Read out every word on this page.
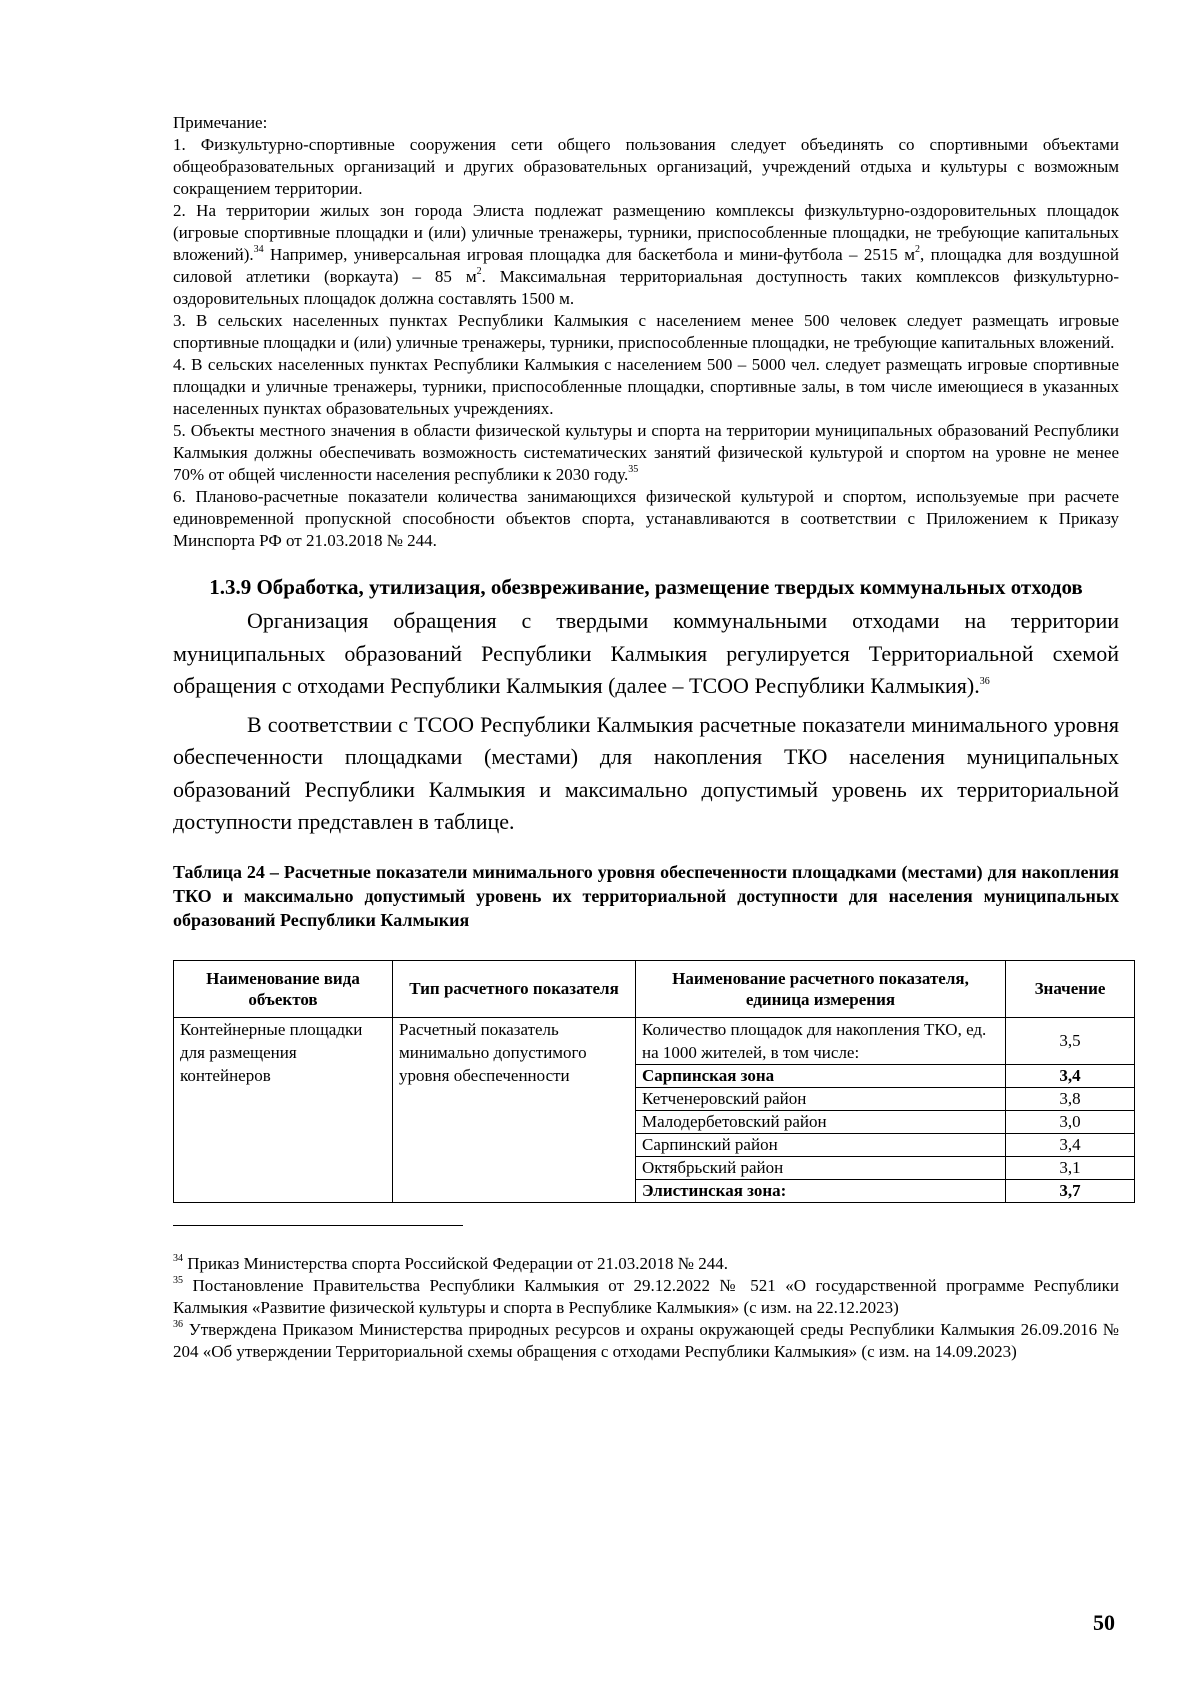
Примечание:
1. Физкультурно-спортивные сооружения сети общего пользования следует объединять со спортивными объектами общеобразовательных организаций и других образовательных организаций, учреждений отдыха и культуры с возможным сокращением территории.
2. На территории жилых зон города Элиста подлежат размещению комплексы физкультурно-оздоровительных площадок (игровые спортивные площадки и (или) уличные тренажеры, турники, приспособленные площадки, не требующие капитальных вложений).$^{34}$ Например, универсальная игровая площадка для баскетбола и мини-футбола – 2515 $м^2$, площадка для воздушной силовой атлетики (воркаута) – 85 $м^2$. Максимальная территориальная доступность таких комплексов физкультурно-оздоровительных площадок должна составлять 1500 м.
3. В сельских населенных пунктах Республики Калмыкия с населением менее 500 человек следует размещать игровые спортивные площадки и (или) уличные тренажеры, турники, приспособленные площадки, не требующие капитальных вложений.
4. В сельских населенных пунктах Республики Калмыкия с населением 500 – 5000 чел. следует размещать игровые спортивные площадки и уличные тренажеры, турники, приспособленные площадки, спортивные залы, в том числе имеющиеся в указанных населенных пунктах образовательных учреждениях.
5. Объекты местного значения в области физической культуры и спорта на территории муниципальных образований Республики Калмыкия должны обеспечивать возможность систематических занятий физической культурой и спортом на уровне не менее 70% от общей численности населения республики к 2030 году.$^{35}$
6. Планово-расчетные показатели количества занимающихся физической культурой и спортом, используемые при расчете единовременной пропускной способности объектов спорта, устанавливаются в соответствии с Приложением к Приказу Минспорта РФ от 21.03.2018 № 244.
1.3.9 Обработка, утилизация, обезвреживание, размещение твердых коммунальных отходов
Организация обращения с твердыми коммунальными отходами на территории муниципальных образований Республики Калмыкия регулируется Территориальной схемой обращения с отходами Республики Калмыкия (далее – ТСОО Республики Калмыкия).$^{36}$
В соответствии с ТСОО Республики Калмыкия расчетные показатели минимального уровня обеспеченности площадками (местами) для накопления ТКО населения муниципальных образований Республики Калмыкия и максимально допустимый уровень их территориальной доступности представлен в таблице.
Таблица 24 – Расчетные показатели минимального уровня обеспеченности площадками (местами) для накопления ТКО и максимально допустимый уровень их территориальной доступности для населения муниципальных образований Республики Калмыкия
Наименование вида объектов	Тип расчетного показателя	Наименование расчетного показателя, единица измерения	Значение
Контейнерные площадки для размещения контейнеров	Расчетный показатель минимально допустимого уровня обеспеченности	Количество площадок для накопления ТКО, ед. на 1000 жителей, в том числе:	3,5
		Сарпинская зона	3,4
		Кетченеровский район	3,8
		Малодербетовский район	3,0
		Сарпинский район	3,4
		Октябрьский район	3,1
		Элистинская зона:	3,7
$^{34}$ Приказ Министерства спорта Российской Федерации от 21.03.2018 № 244.
$^{35}$ Постановление Правительства Республики Калмыкия от 29.12.2022 № 521 «О государственной программе Республики Калмыкия «Развитие физической культуры и спорта в Республике Калмыкия» (с изм. на 22.12.2023)
$^{36}$ Утверждена Приказом Министерства природных ресурсов и охраны окружающей среды Республики Калмыкия 26.09.2016 № 204 «Об утверждении Территориальной схемы обращения с отходами Республики Калмыкия» (с изм. на 14.09.2023)
50
